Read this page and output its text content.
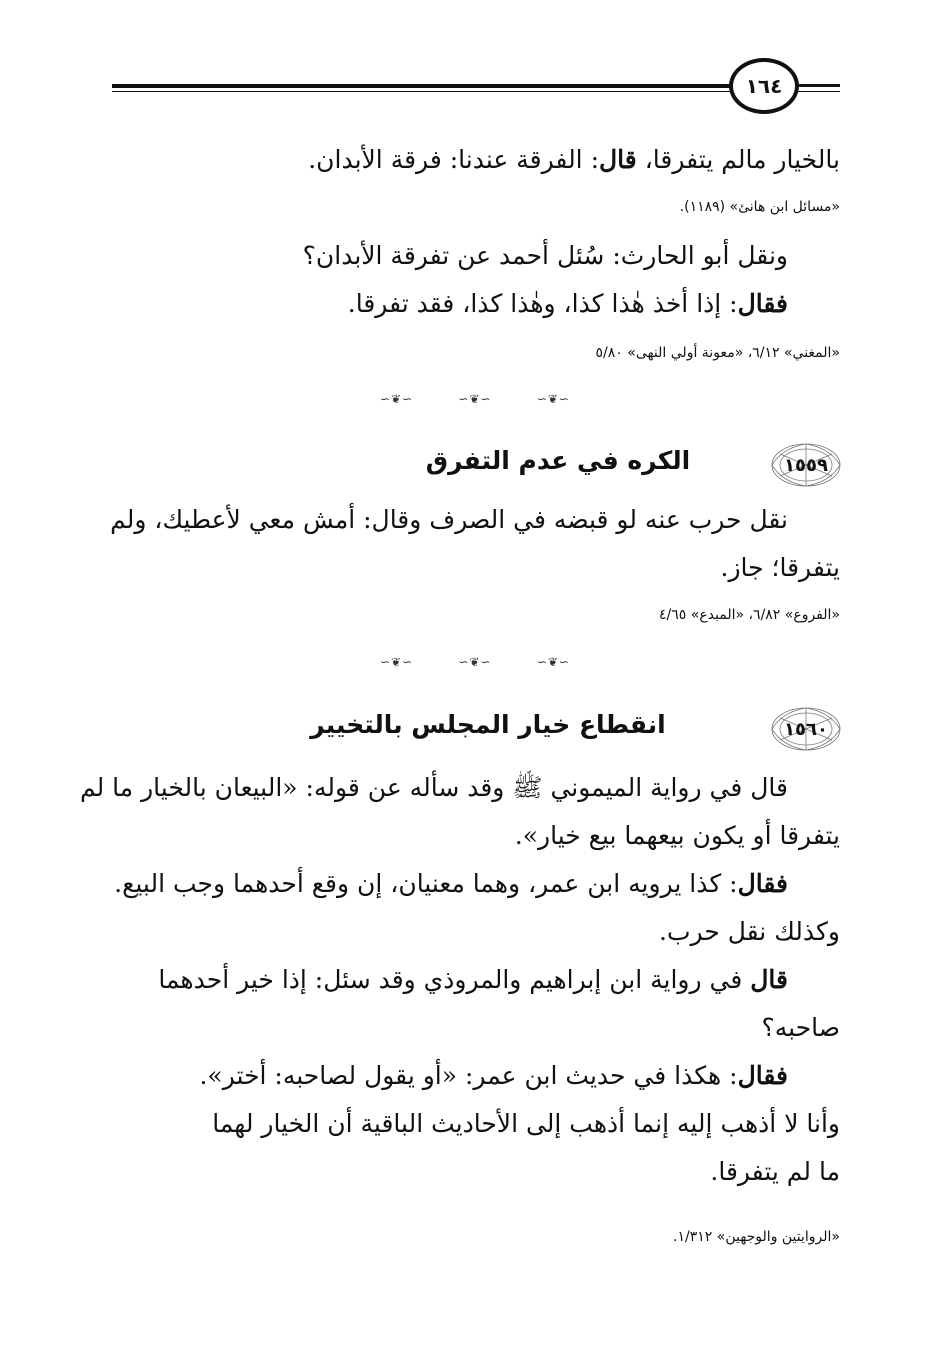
١٦٤
بالخيار مالم يتفرقا، قال: الفرقة عندنا: فرقة الأبدان.
«مسائل ابن هانئ» (١١٨٩).
ونقل أبو الحارث: سُئل أحمد عن تفرقة الأبدان؟
فقال: إذا أخذ هٰذا كذا، وهٰذا كذا، فقد تفرقا.
«المغني» ٦/١٢، «معونة أولي النهى» ٥/٨٠
∽❦∽	∽❦∽	∽❦∽
١٥٥٩
الكره في عدم التفرق
نقل حرب عنه لو قبضه في الصرف وقال: أمش معي لأعطيك، ولم
يتفرقا؛ جاز.
«الفروع» ٦/٨٢، «المبدع» ٤/٦٥
∽❦∽	∽❦∽	∽❦∽
١٥٦٠
انقطاع خيار المجلس بالتخيير
قال في رواية الميموني ﷺ وقد سأله عن قوله: «البيعان بالخيار ما لم
يتفرقا أو يكون بيعهما بيع خيار».
فقال: كذا يرويه ابن عمر، وهما معنيان، إن وقع أحدهما وجب البيع.
وكذلك نقل حرب.
قال في رواية ابن إبراهيم والمروذي وقد سئل: إذا خير أحدهما
صاحبه؟
فقال: هكذا في حديث ابن عمر: «أو يقول لصاحبه: أختر».
وأنا لا أذهب إليه إنما أذهب إلى الأحاديث الباقية أن الخيار لهما
ما لم يتفرقا.
«الروايتين والوجهين» ١/٣١٢.
